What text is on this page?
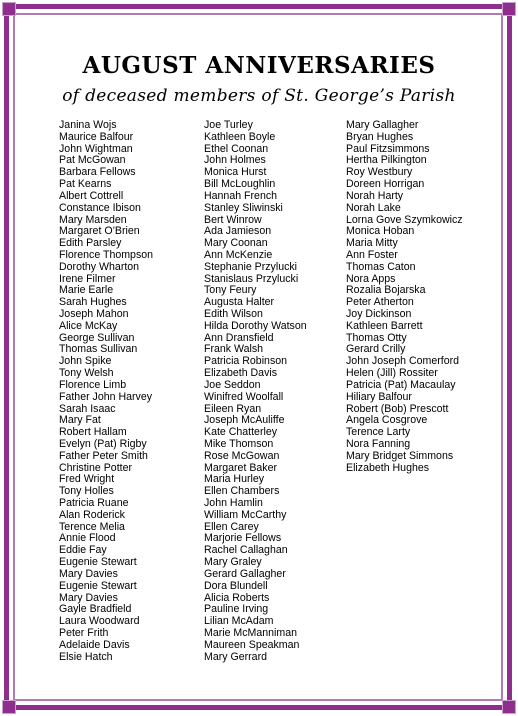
AUGUST ANNIVERSARIES
of deceased members of St. George’s Parish
Janina Wojs
Maurice Balfour
John Wightman
Pat McGowan
Barbara Fellows
Pat Kearns
Albert Cottrell
Constance Ibison
Mary Marsden
Margaret O’Brien
Edith Parsley
Florence Thompson
Dorothy Wharton
Irene Filmer
Marie Earle
Sarah Hughes
Joseph Mahon
Alice McKay
George Sullivan
Thomas Sullivan
John Spike
Tony Welsh
Florence Limb
Father John Harvey
Sarah Isaac
Mary Fat
Robert Hallam
Evelyn (Pat) Rigby
Father Peter Smith
Christine Potter
Fred Wright
Tony Holles
Patricia Ruane
Alan Roderick
Terence Melia
Annie Flood
Eddie Fay
Eugenie Stewart
Mary Davies
Eugenie Stewart
Mary Davies
Gayle Bradfield
Laura Woodward
Peter Frith
Adelaide Davis
Elsie Hatch
Joe Turley
Kathleen Boyle
Ethel Coonan
John Holmes
Monica Hurst
Bill McLoughlin
Hannah French
Stanley Sliwinski
Bert Winrow
Ada Jamieson
Mary Coonan
Ann McKenzie
Stephanie Przylucki
Stanislaus Przylucki
Tony Feury
Augusta Halter
Edith Wilson
Hilda Dorothy Watson
Ann Dransfield
Frank Walsh
Patricia Robinson
Elizabeth Davis
Joe Seddon
Winifred Woolfall
Eileen Ryan
Joseph McAuliffe
Kate Chatterley
Mike Thomson
Rose McGowan
Margaret Baker
Maria Hurley
Ellen Chambers
John Hamlin
William McCarthy
Ellen Carey
Marjorie Fellows
Rachel Callaghan
Mary Graley
Gerard Gallagher
Dora Blundell
Alicia Roberts
Pauline Irving
Lilian McAdam
Marie McManniman
Maureen Speakman
Mary Gerrard
Mary Gallagher
Bryan Hughes
Paul Fitzsimmons
Hertha Pilkington
Roy Westbury
Doreen Horrigan
Norah Harty
Norah Lake
Lorna Gove Szymkowicz
Monica Hoban
Maria Mitty
Ann Foster
Thomas Caton
Nora Apps
Rozalia Bojarska
Peter Atherton
Joy Dickinson
Kathleen Barrett
Thomas Otty
Gerard Crilly
John Joseph Comerford
Helen (Jill) Rossiter
Patricia (Pat) Macaulay
Hiliary Balfour
Robert (Bob) Prescott
Angela Cosgrove
Terence Larty
Nora Fanning
Mary Bridget Simmons
Elizabeth Hughes
